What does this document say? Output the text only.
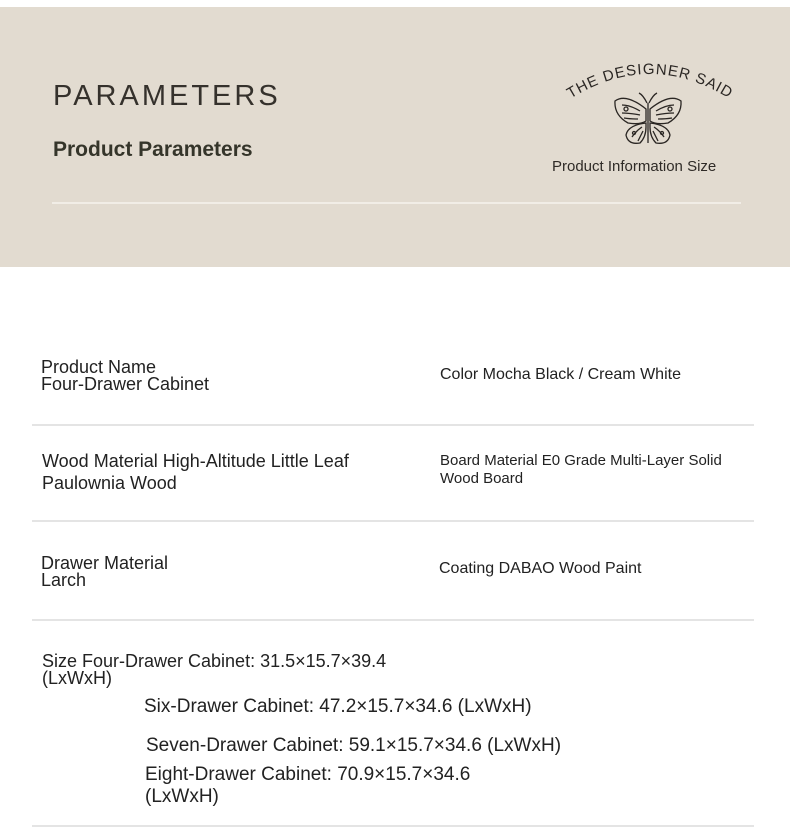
PARAMETERS
Product Parameters
THE DESIGNER SAID
Product Information Size
Product Name
Four-Drawer Cabinet	Color Mocha Black / Cream White
Wood Material High-Altitude Little Leaf
Paulownia Wood
Board Material E0 Grade Multi-Layer Solid
Wood Board
Drawer Material
Larch
Coating DABAO Wood Paint
Size Four-Drawer Cabinet: 31.5×15.7×39.4
(LxWxH)
Six-Drawer Cabinet: 47.2×15.7×34.6 (LxWxH)
Seven-Drawer Cabinet: 59.1×15.7×34.6 (LxWxH)
Eight-Drawer Cabinet: 70.9×15.7×34.6
(LxWxH)
